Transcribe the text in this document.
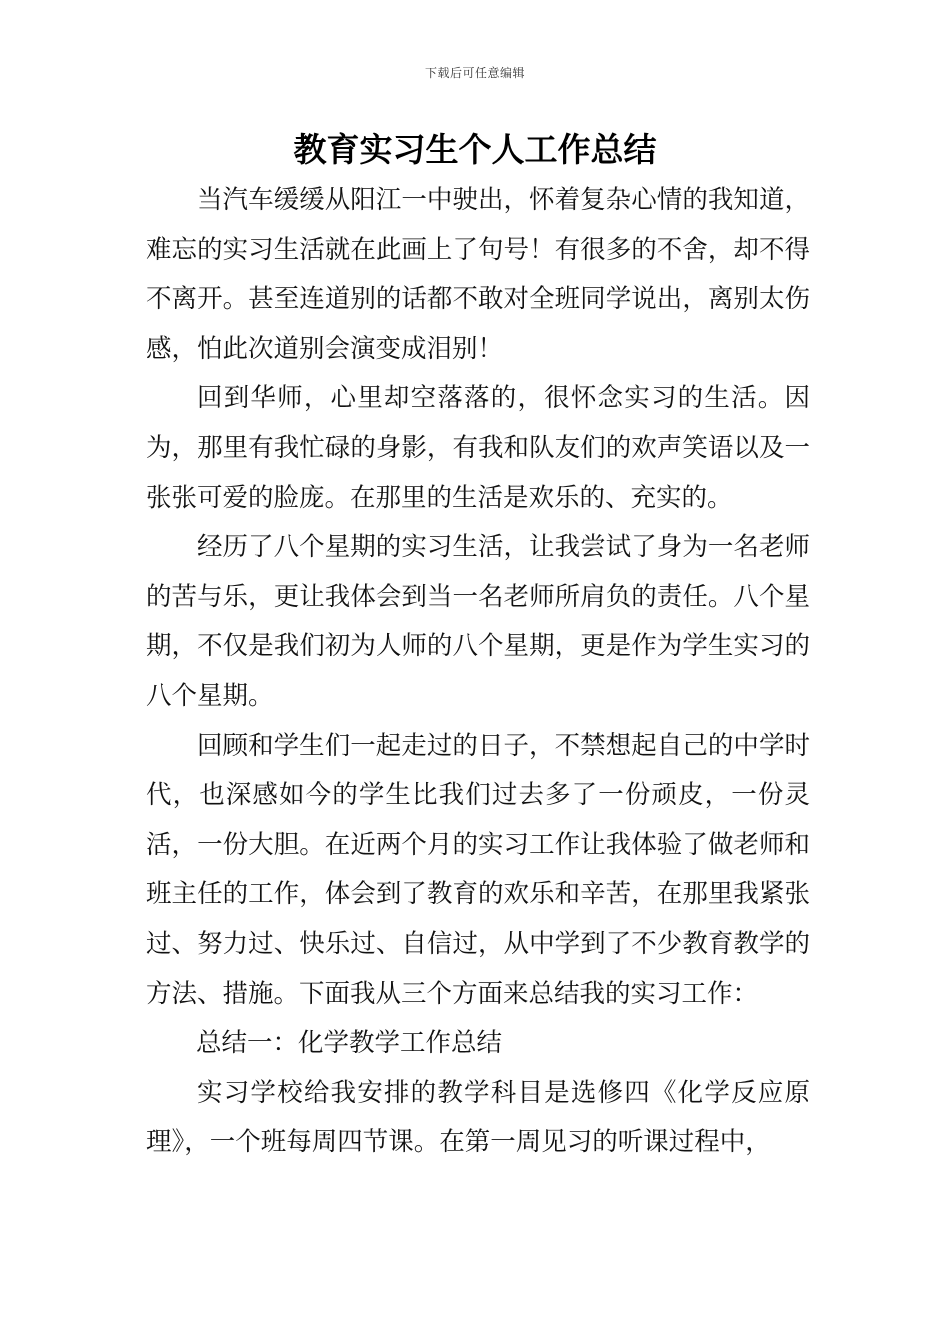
下载后可任意编辑
教育实习生个人工作总结

当汽车缓缓从阳江一中驶出，怀着复杂心情的我知道，难忘的实习生活就在此画上了句号！有很多的不舍，却不得不离开。甚至连道别的话都不敢对全班同学说出，离别太伤感，怕此次道别会演变成泪别！

回到华师，心里却空落落的，很怀念实习的生活。因为，那里有我忙碌的身影，有我和队友们的欢声笑语以及一张张可爱的脸庞。在那里的生活是欢乐的、充实的。

经历了八个星期的实习生活，让我尝试了身为一名老师的苦与乐，更让我体会到当一名老师所肩负的责任。八个星期，不仅是我们初为人师的八个星期，更是作为学生实习的八个星期。

回顾和学生们一起走过的日子，不禁想起自己的中学时代，也深感如今的学生比我们过去多了一份顽皮，一份灵活，一份大胆。在近两个月的实习工作让我体验了做老师和班主任的工作，体会到了教育的欢乐和辛苦，在那里我紧张过、努力过、快乐过、自信过，从中学到了不少教育教学的方法、措施。下面我从三个方面来总结我的实习工作：

总结一：化学教学工作总结

实习学校给我安排的教学科目是选修四《化学反应原理》，一个班每周四节课。在第一周见习的听课过程中，
